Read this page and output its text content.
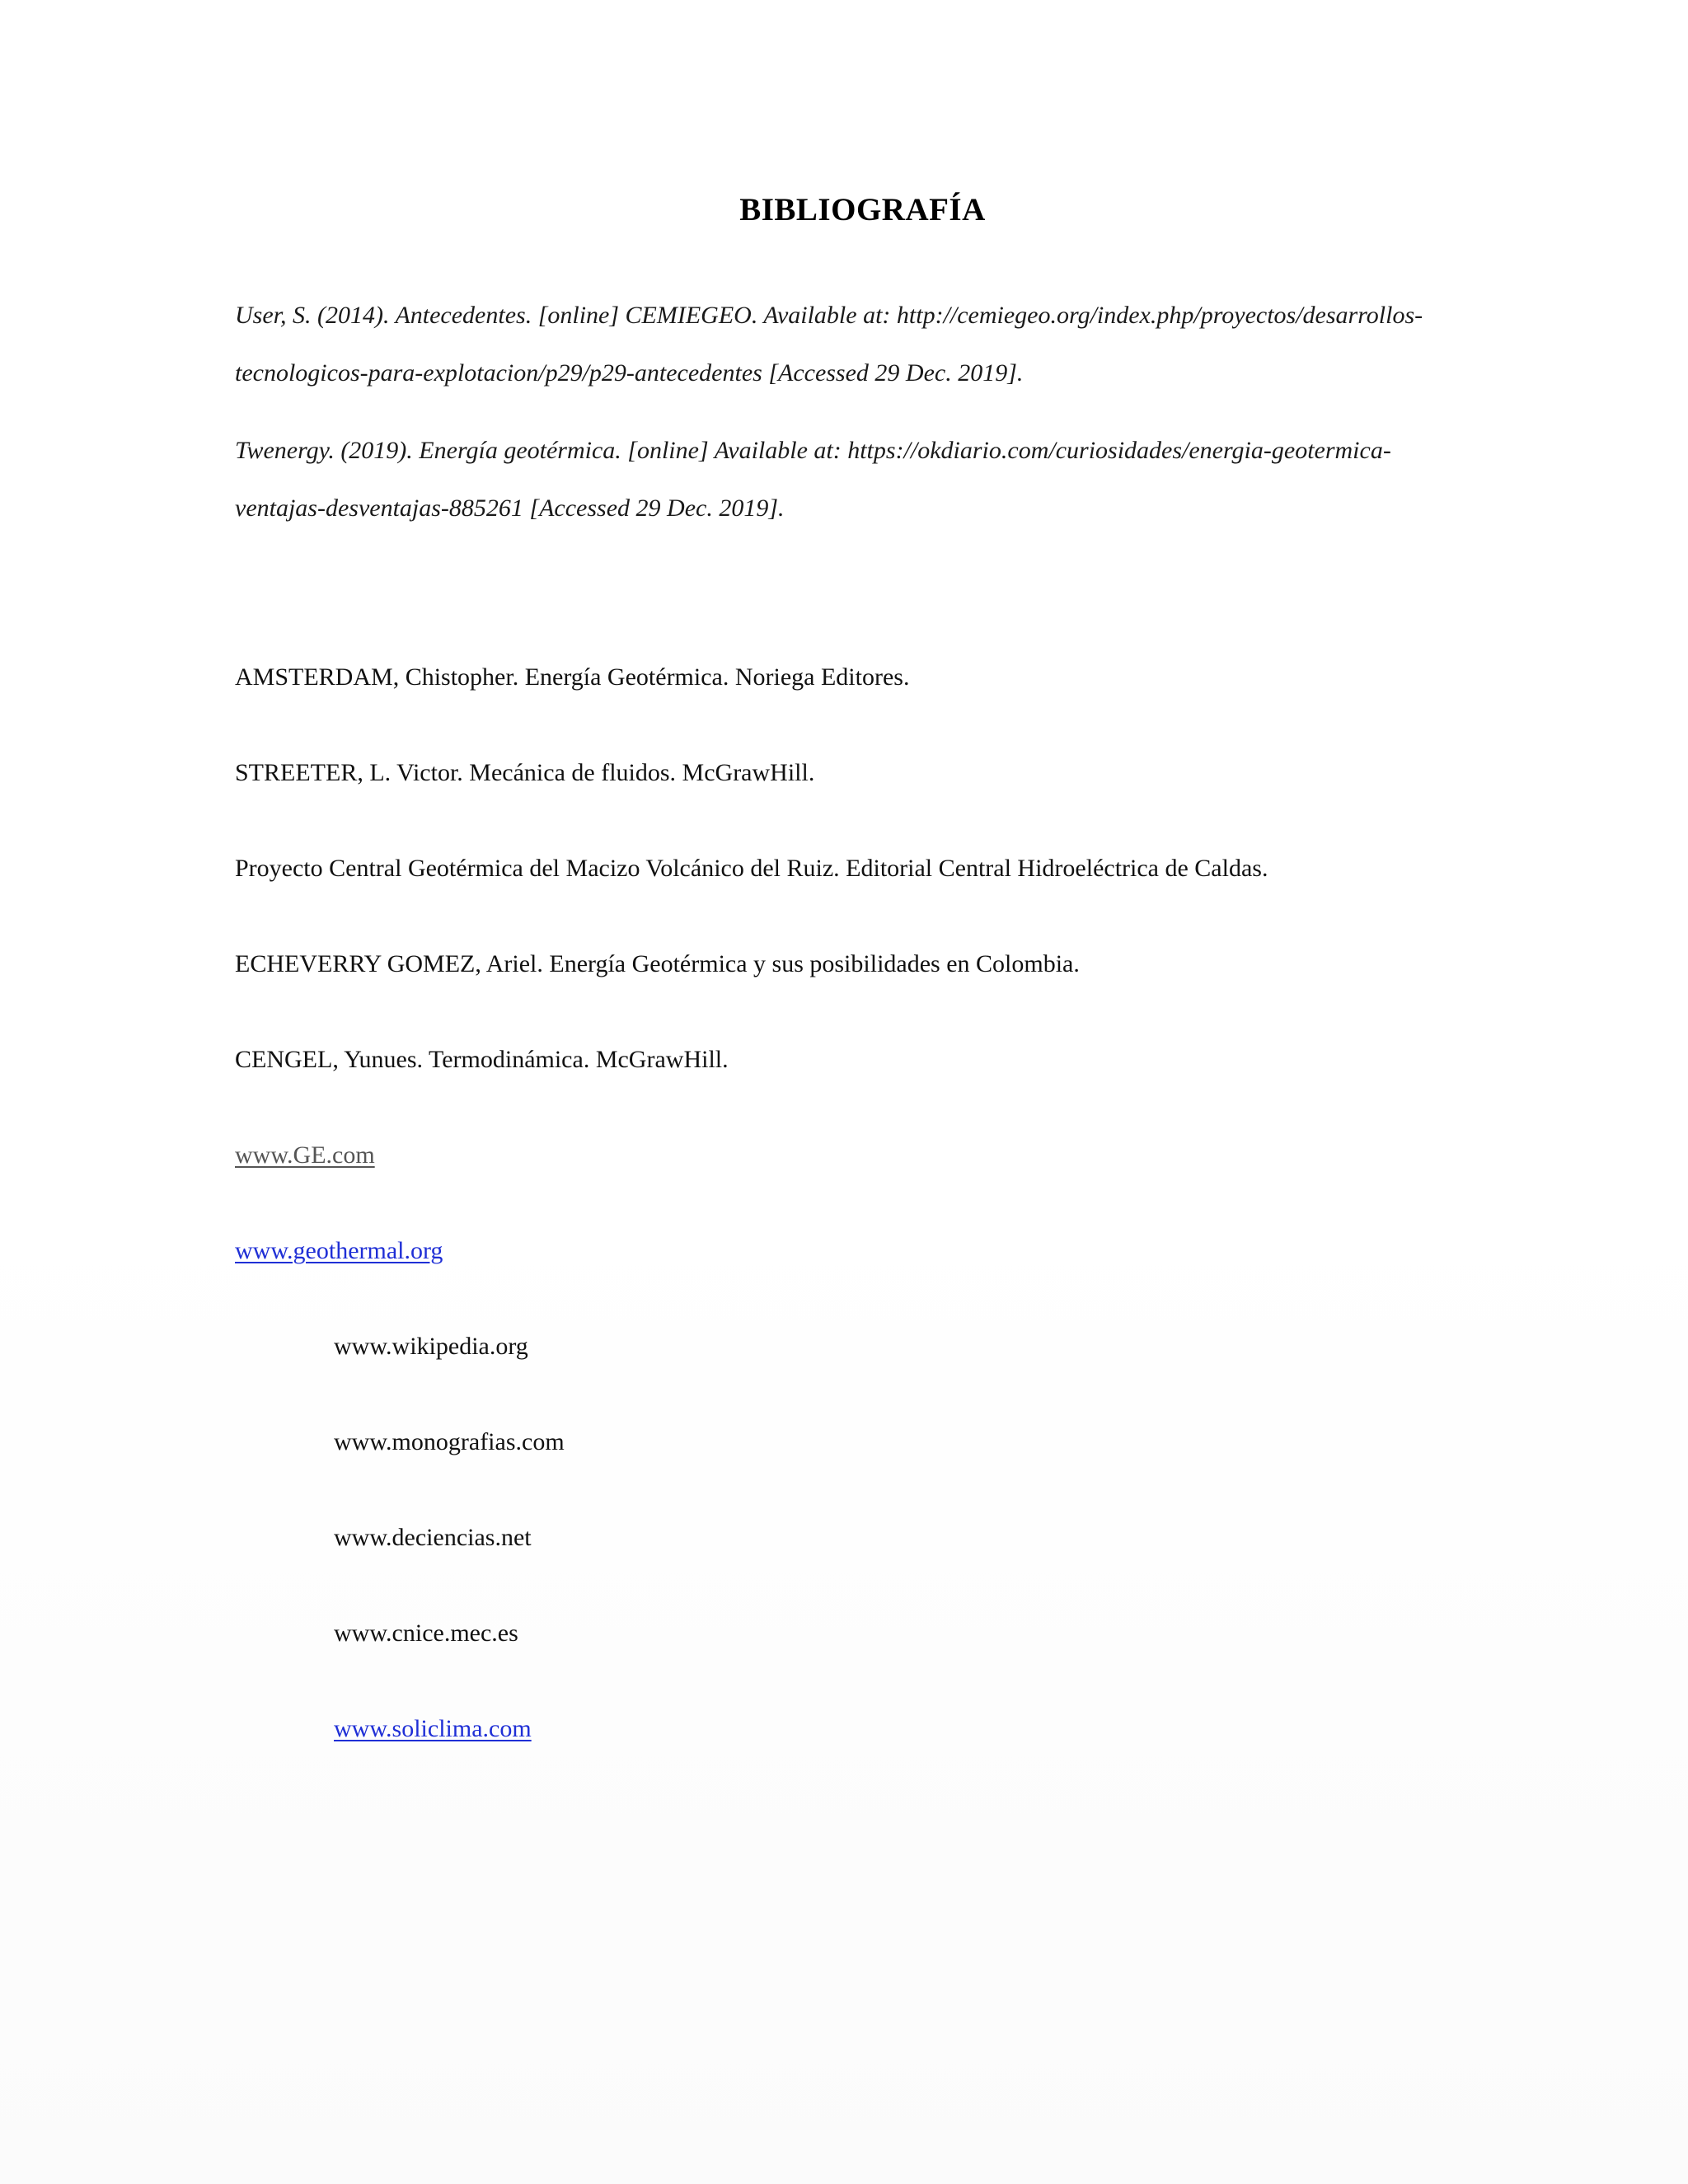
BIBLIOGRAFÍA
User, S. (2014). Antecedentes. [online] CEMIEGEO. Available at: http://cemiegeo.org/index.php/proyectos/desarrollos-
tecnologicos-para-explotacion/p29/p29-antecedentes [Accessed 29 Dec. 2019].
Twenergy. (2019). Energía geotérmica. [online] Available at: https://okdiario.com/curiosidades/energia-geotermica-
ventajas-desventajas-885261 [Accessed 29 Dec. 2019].
AMSTERDAM, Chistopher. Energía Geotérmica. Noriega Editores.
STREETER, L. Victor. Mecánica de fluidos. McGrawHill.
Proyecto Central Geotérmica del Macizo Volcánico del Ruiz. Editorial Central Hidroeléctrica de Caldas.
ECHEVERRY GOMEZ, Ariel. Energía Geotérmica y sus posibilidades en Colombia.
CENGEL, Yunues. Termodinámica. McGrawHill.
www.GE.com
www.geothermal.org
www.wikipedia.org
www.monografias.com
www.deciencias.net
www.cnice.mec.es
www.soliclima.com
